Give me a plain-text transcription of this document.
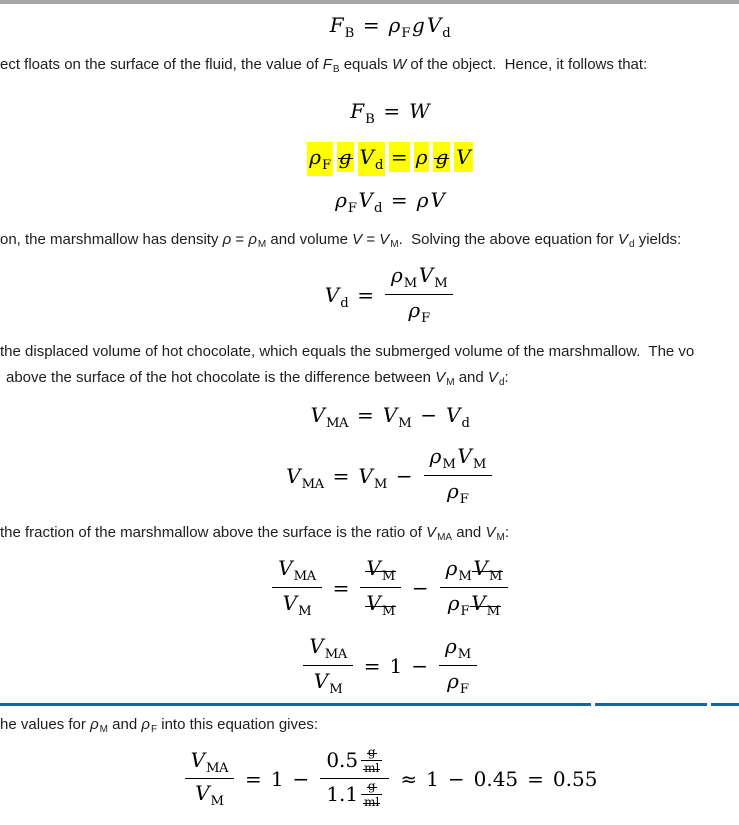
FB = ρF g Vd
ect floats on the surface of the fluid, the value of $F_B$ equals W of the object.  Hence, it follows that:
FB = W
ρF g Vd = ρ g V
ρF Vd = ρ V
on, the marshmallow has density $\rho = \rho_M$ and volume $V = V_M$.  Solving the above equation for $V_d$ yields:
$Vd = \frac{\text{ρM VM}}{\rho F}$
the displaced volume of hot chocolate, which equals the submerged volume of the marshmallow.  The vo
above the surface of the hot chocolate is the difference between $V_M$ and $V_d$:
VMA = VM − Vd
VMA = VM − $\frac{\text{ρM VM}}{\rho F}$
the fraction of the marshmallow above the surface is the ratio of $V_{MA}$ and $V_M$:
$\frac{\text{VMA}}{VM} = \frac{VM}{VM} - \frac{\text{ρM VM}}{\text{ρF VM}}$
$\frac{\text{VMA}}{VM} = 1 - \frac{\rho M}{\rho F}$
he values for $\rho_M$ and $\rho_F$ into this equation gives:
$\frac{\text{VMA}}{VM} = 1 - \frac{0.5 \frac{g}{ml}}{1.1 \frac{g}{ml}} \approx 1 - 0.45 = 0.55$
